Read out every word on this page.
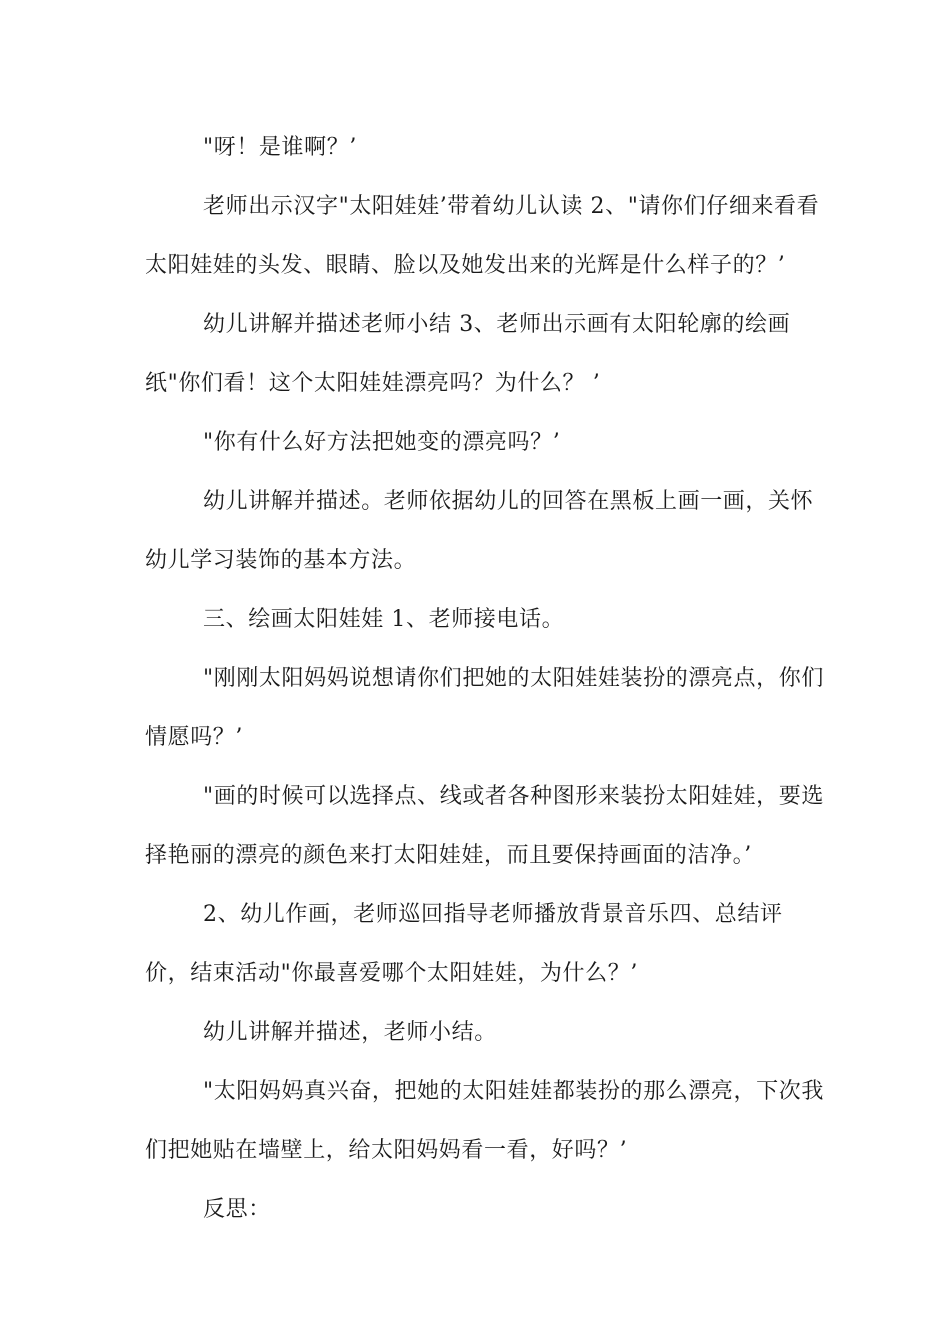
"呀！是谁啊？’

老师出示汉字"太阳娃娃’带着幼儿认读 2、"请你们仔细来看看太阳娃娃的头发、眼睛、脸以及她发出来的光辉是什么样子的？’

幼儿讲解并描述老师小结 3、老师出示画有太阳轮廓的绘画纸"你们看！这个太阳娃娃漂亮吗？为什么？ ’

"你有什么好方法把她变的漂亮吗？’

幼儿讲解并描述。老师依据幼儿的回答在黑板上画一画，关怀幼儿学习装饰的基本方法。

三、绘画太阳娃娃 1、老师接电话。

"刚刚太阳妈妈说想请你们把她的太阳娃娃装扮的漂亮点，你们情愿吗？’

"画的时候可以选择点、线或者各种图形来装扮太阳娃娃，要选择艳丽的漂亮的颜色来打太阳娃娃，而且要保持画面的洁净。’

2、幼儿作画，老师巡回指导老师播放背景音乐四、总结评价，结束活动"你最喜爱哪个太阳娃娃，为什么？’

幼儿讲解并描述，老师小结。

"太阳妈妈真兴奋，把她的太阳娃娃都装扮的那么漂亮，下次我们把她贴在墙壁上，给太阳妈妈看一看，好吗？’

反思：
